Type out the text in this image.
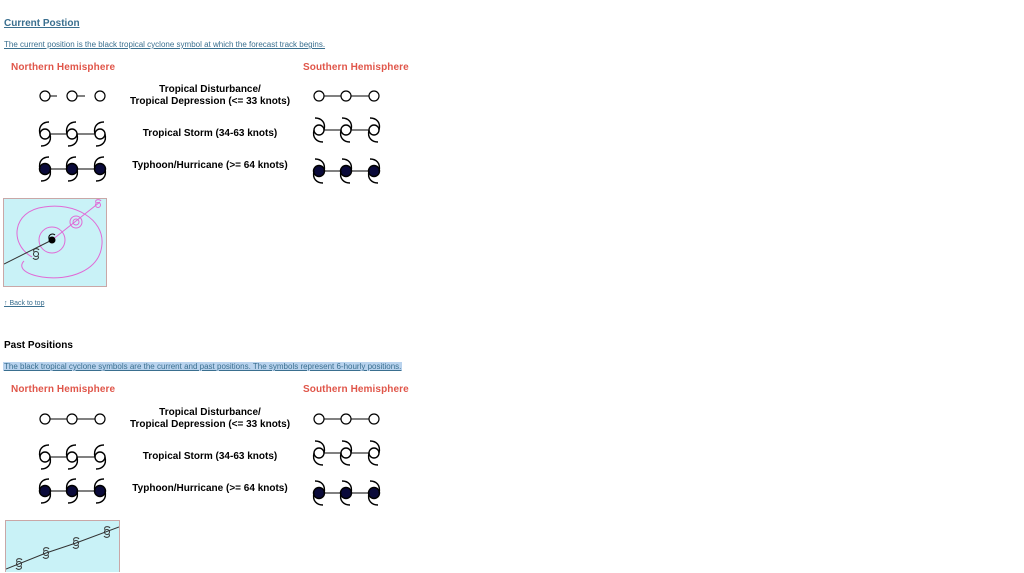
Current Postion
The current position is the black tropical cyclone symbol at which the forecast track begins.
Northern Hemisphere	Southern Hemisphere
Tropical Disturbance/
Tropical Depression (<= 33 knots)
Tropical Storm (34-63 knots)
Typhoon/Hurricane (>= 64 knots)
↑ Back to top
Past Positions
The black tropical cyclone symbols are the current and past positions. The symbols represent 6-hourly positions.
Northern Hemisphere	Southern Hemisphere
Tropical Disturbance/
Tropical Depression (<= 33 knots)
Tropical Storm (34-63 knots)
Typhoon/Hurricane (>= 64 knots)
